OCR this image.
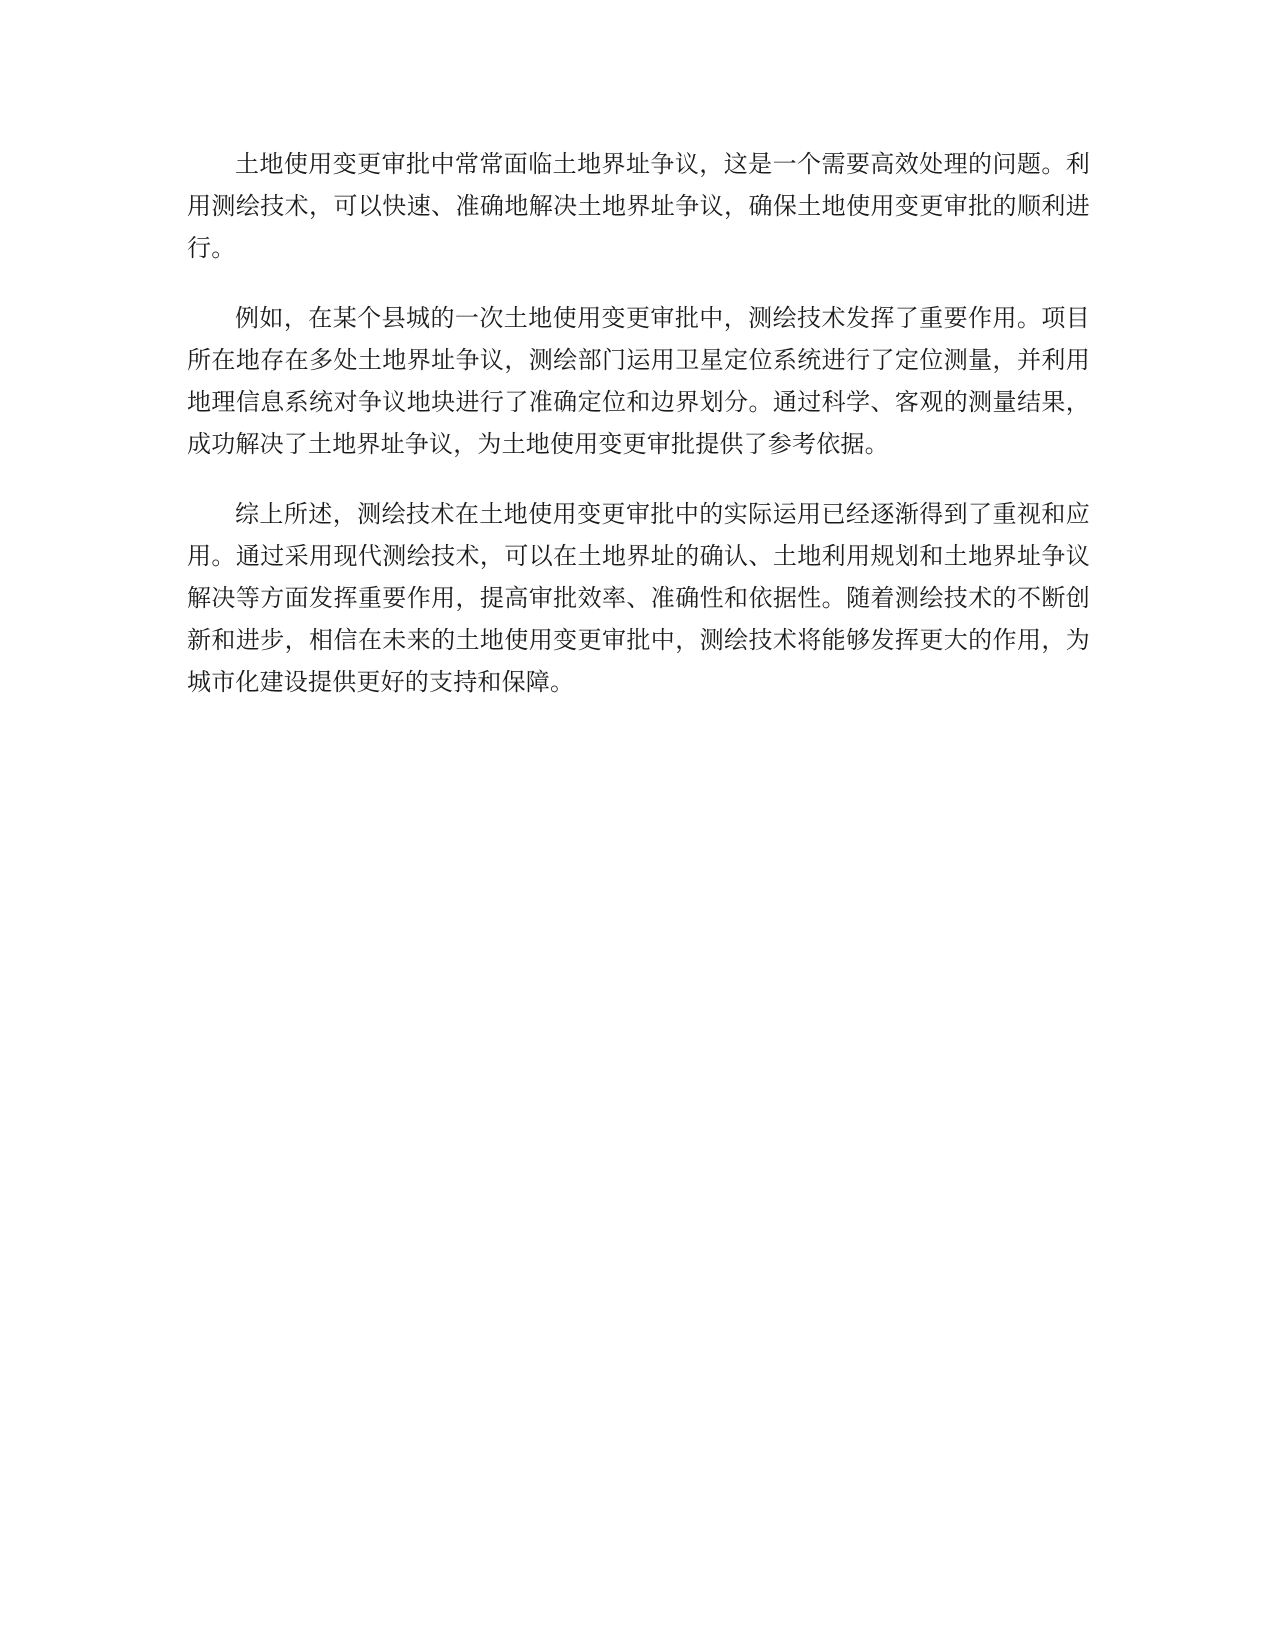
土地使用变更审批中常常面临土地界址争议，这是一个需要高效处理的问题。利用测绘技术，可以快速、准确地解决土地界址争议，确保土地使用变更审批的顺利进行。

例如，在某个县城的一次土地使用变更审批中，测绘技术发挥了重要作用。项目所在地存在多处土地界址争议，测绘部门运用卫星定位系统进行了定位测量，并利用地理信息系统对争议地块进行了准确定位和边界划分。通过科学、客观的测量结果，成功解决了土地界址争议，为土地使用变更审批提供了参考依据。

综上所述，测绘技术在土地使用变更审批中的实际运用已经逐渐得到了重视和应用。通过采用现代测绘技术，可以在土地界址的确认、土地利用规划和土地界址争议解决等方面发挥重要作用，提高审批效率、准确性和依据性。随着测绘技术的不断创新和进步，相信在未来的土地使用变更审批中，测绘技术将能够发挥更大的作用，为城市化建设提供更好的支持和保障。
